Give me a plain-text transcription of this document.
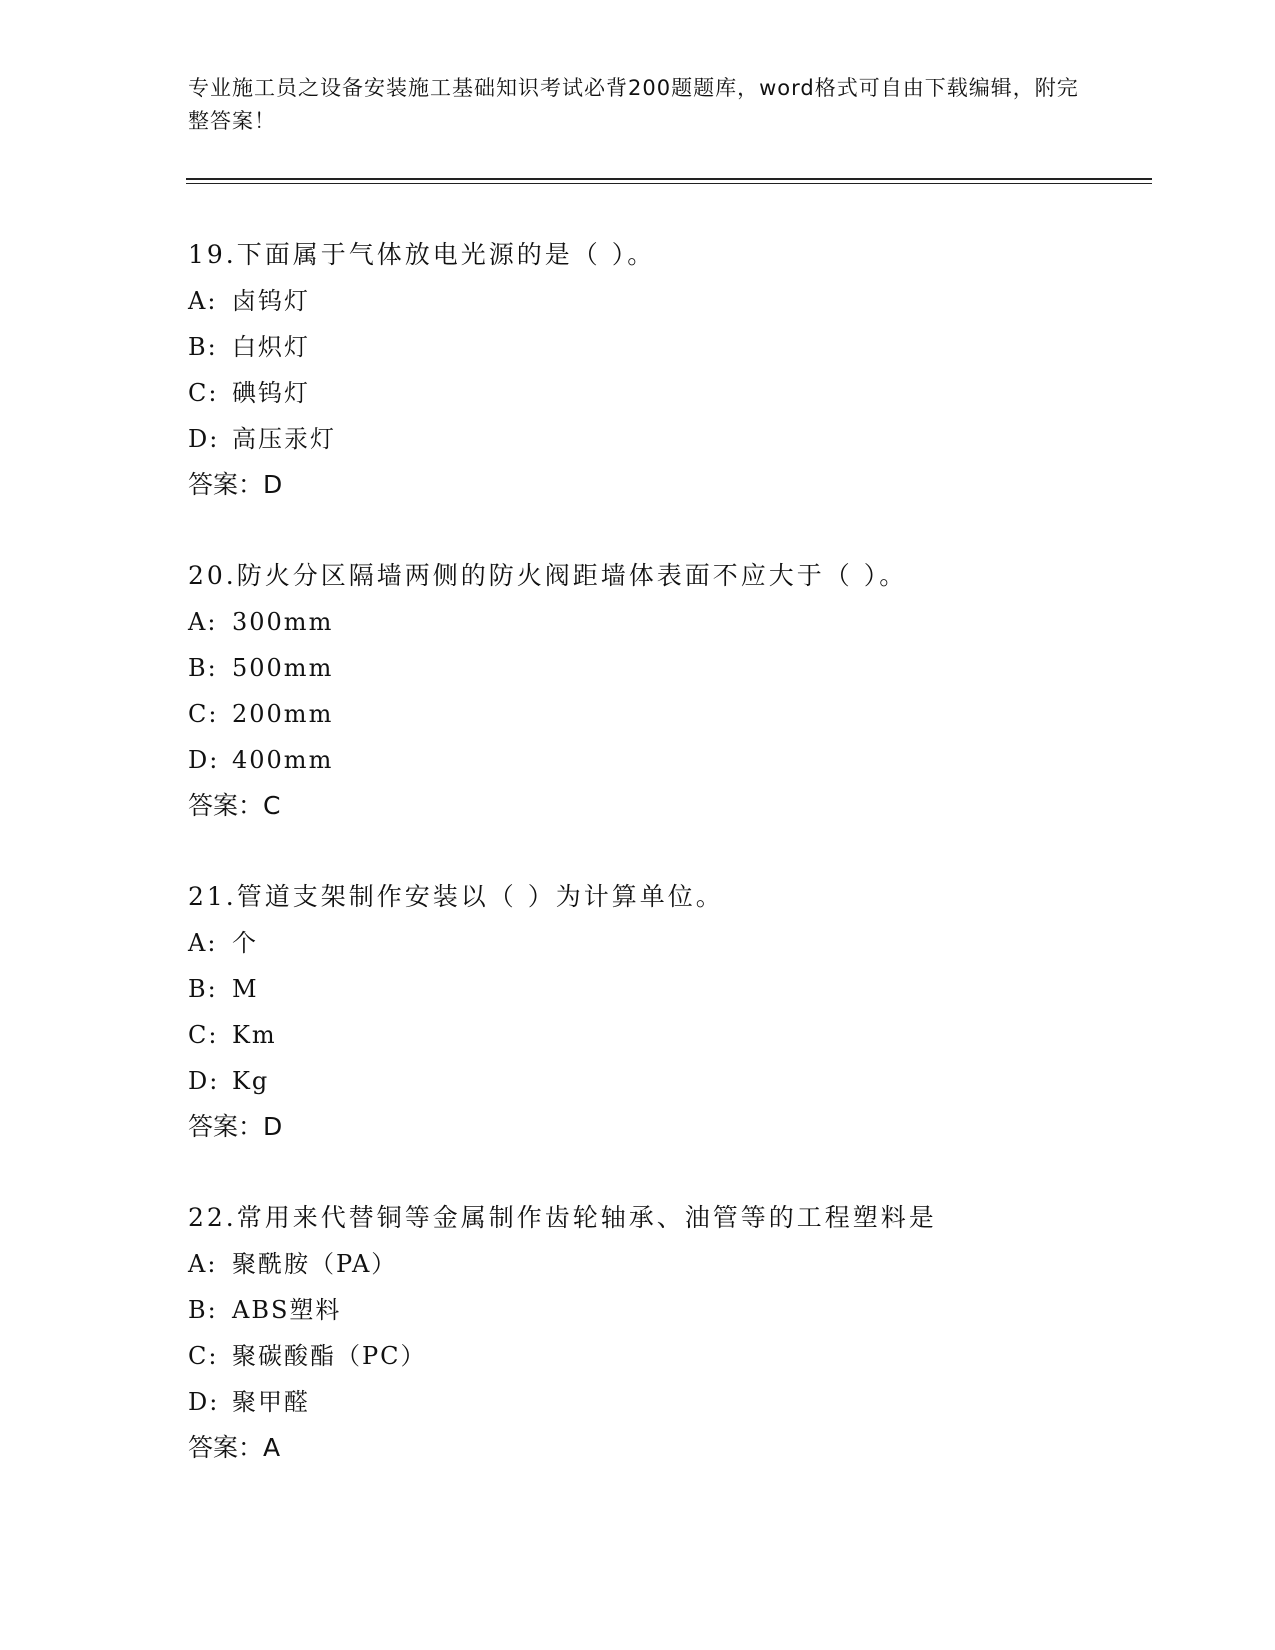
专业施工员之设备安装施工基础知识考试必背200题题库，word格式可自由下载编辑，附完整答案！
19.下面属于气体放电光源的是（ ）。
A: 卤钨灯
B: 白炽灯
C: 碘钨灯
D: 高压汞灯
答案：D
20.防火分区隔墙两侧的防火阀距墙体表面不应大于（ ）。
A: 300mm
B: 500mm
C: 200mm
D: 400mm
答案：C
21.管道支架制作安装以（ ）为计算单位。
A: 个
B: M
C: Km
D: Kg
答案：D
22.常用来代替铜等金属制作齿轮轴承、油管等的工程塑料是
A: 聚酰胺（PA）
B: ABS塑料
C: 聚碳酸酯（PC）
D: 聚甲醛
答案：A
